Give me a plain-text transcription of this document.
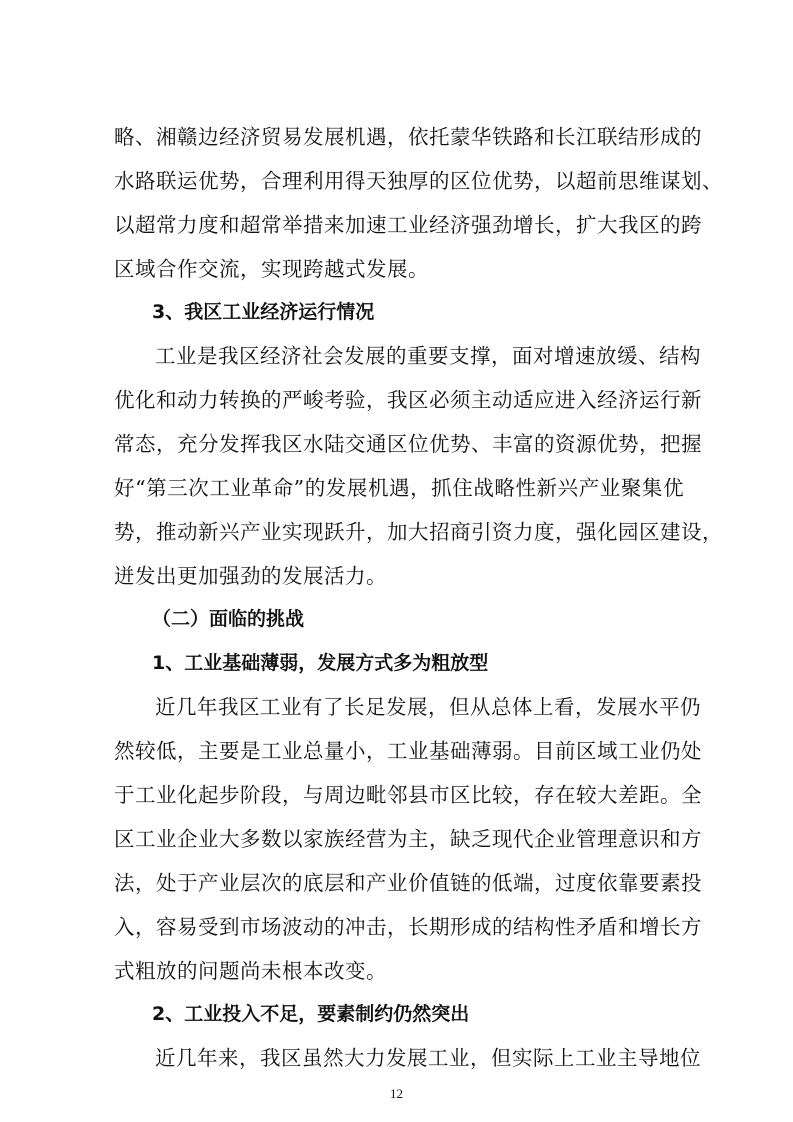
略、湘赣边经济贸易发展机遇，依托蒙华铁路和长江联结形成的
水路联运优势，合理利用得天独厚的区位优势，以超前思维谋划、
以超常力度和超常举措来加速工业经济强劲增长，扩大我区的跨
区域合作交流，实现跨越式发展。
3、我区工业经济运行情况
工业是我区经济社会发展的重要支撑，面对增速放缓、结构
优化和动力转换的严峻考验，我区必须主动适应进入经济运行新
常态，充分发挥我区水陆交通区位优势、丰富的资源优势，把握
好“第三次工业革命”的发展机遇，抓住战略性新兴产业聚集优
势，推动新兴产业实现跃升，加大招商引资力度，强化园区建设，
迸发出更加强劲的发展活力。
（二）面临的挑战
1、工业基础薄弱，发展方式多为粗放型
近几年我区工业有了长足发展，但从总体上看，发展水平仍
然较低，主要是工业总量小，工业基础薄弱。目前区域工业仍处
于工业化起步阶段，与周边毗邻县市区比较，存在较大差距。全
区工业企业大多数以家族经营为主，缺乏现代企业管理意识和方
法，处于产业层次的底层和产业价值链的低端，过度依靠要素投
入，容易受到市场波动的冲击，长期形成的结构性矛盾和增长方
式粗放的问题尚未根本改变。
2、工业投入不足，要素制约仍然突出
近几年来，我区虽然大力发展工业，但实际上工业主导地位
12
